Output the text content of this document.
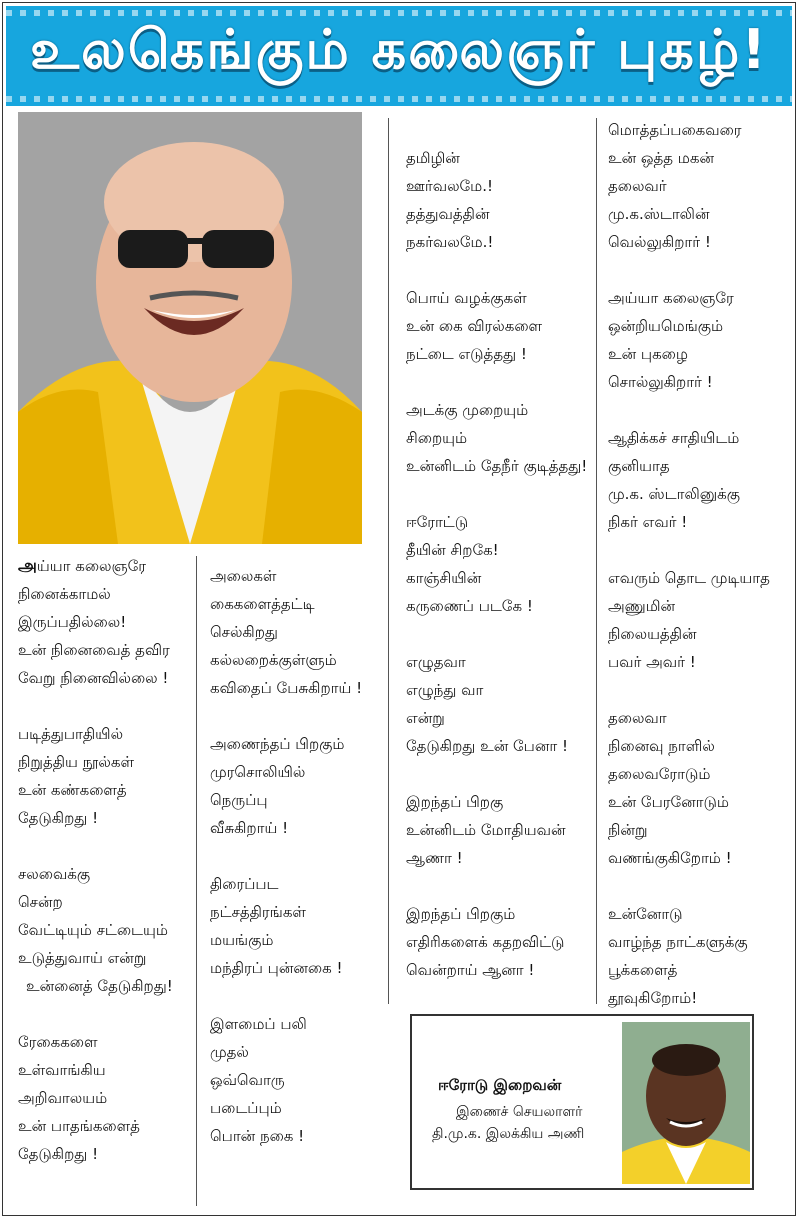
உலகெங்கும் கலைஞர் புகழ்!
அய்யா கலைஞரே
நினைக்காமல்
இருப்பதில்லை!
உன் நினைவைத் தவிர
வேறு நினைவில்லை !
படித்துபாதியில்
நிறுத்திய நூல்கள்
உன் கண்களைத்
தேடுகிறது !
சலவைக்கு
சென்ற
வேட்டியும் சட்டையும்
உடுத்துவாய் என்று
உன்னைத் தேடுகிறது!
ரேகைகளை
உள்வாங்கிய
அறிவாலயம்
உன் பாதங்களைத்
தேடுகிறது !
அலைகள்
கைகளைத்தட்டி
செல்கிறது
கல்லறைக்குள்ளும்
கவிதைப் பேசுகிறாய் !
அணைந்தப் பிறகும்
முரசொலியில்
நெருப்பு
வீசுகிறாய் !
திரைப்பட
நட்சத்திரங்கள்
மயங்கும்
மந்திரப் புன்னகை !
இளமைப் பலி
முதல்
ஒவ்வொரு
படைப்பும்
பொன் நகை !
தமிழின்
ஊர்வலமே.!
தத்துவத்தின்
நகர்வலமே.!
பொய் வழக்குகள்
உன் கை விரல்களை
நட்டை எடுத்தது !
அடக்கு முறையும்
சிறையும்
உன்னிடம் தேநீர் குடித்தது!
ஈரோட்டு
தீயின் சிறகே!
காஞ்சியின்
கருணைப் படகே !
எழுதவா
எழுந்து வா
என்று
தேடுகிறது உன் பேனா !
இறந்தப் பிறகு
உன்னிடம் மோதியவன்
ஆணா !
இறந்தப் பிறகும்
எதிரிகளைக் கதறவிட்டு
வென்றாய் ஆனா !
மொத்தப்பகைவரை
உன் ஒத்த மகன்
தலைவர்
மு.க.ஸ்டாலின்
வெல்லுகிறார் !
அய்யா கலைஞரே
ஒன்றியமெங்கும்
உன் புகழை
சொல்லுகிறார் !
ஆதிக்கச் சாதியிடம்
குனியாத
மு.க. ஸ்டாலினுக்கு
நிகர் எவர் !
எவரும் தொட முடியாத
அணுமின்
நிலையத்தின்
பவர் அவர் !
தலைவா
நினைவு நாளில்
தலைவரோடும்
உன் பேரனோடும்
நின்று
வணங்குகிறோம் !
உன்னோடு
வாழ்ந்த நாட்களுக்கு
பூக்களைத்
தூவுகிறோம்!
ஈரோடு இறைவன்
இணைச் செயலாளர்
தி.மு.க. இலக்கிய அணி
